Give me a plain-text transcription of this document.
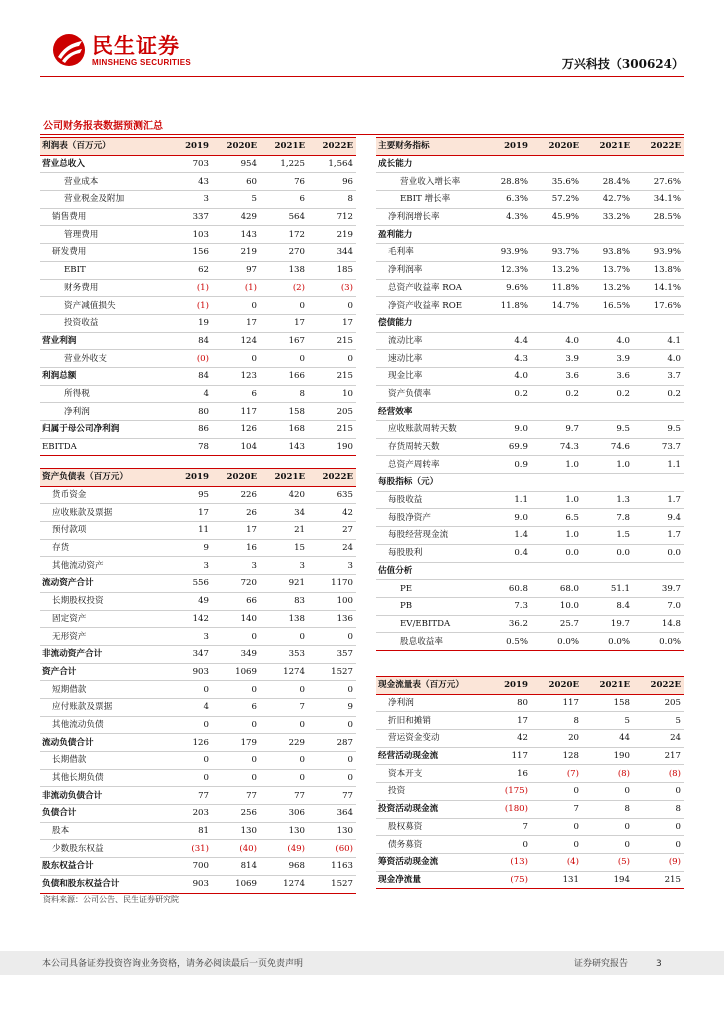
民生证券
MINSHENG SECURITIES	万兴科技（300624）
公司财务报表数据预测汇总
利润表（百万元）	2019	2020E	2021E	2022E
营业总收入	703	954	1,225	1,564
营业成本	43	60	76	96
营业税金及附加	3	5	6	8
销售费用	337	429	564	712
管理费用	103	143	172	219
研发费用	156	219	270	344
EBIT	62	97	138	185
财务费用	(1)	(1)	(2)	(3)
资产减值损失	(1)	0	0	0
投资收益	19	17	17	17
营业利润	84	124	167	215
营业外收支	(0)	0	0	0
利润总额	84	123	166	215
所得税	4	6	8	10
净利润	80	117	158	205
归属于母公司净利润	86	126	168	215
EBITDA	78	104	143	190
主要财务指标	2019	2020E	2021E	2022E
成长能力				
营业收入增长率	28.8%	35.6%	28.4%	27.6%
EBIT 增长率	6.3%	57.2%	42.7%	34.1%
净利润增长率	4.3%	45.9%	33.2%	28.5%
盈利能力				
毛利率	93.9%	93.7%	93.8%	93.9%
净利润率	12.3%	13.2%	13.7%	13.8%
总资产收益率 ROA	9.6%	11.8%	13.2%	14.1%
净资产收益率 ROE	11.8%	14.7%	16.5%	17.6%
偿债能力				
流动比率	4.4	4.0	4.0	4.1
速动比率	4.3	3.9	3.9	4.0
现金比率	4.0	3.6	3.6	3.7
资产负债率	0.2	0.2	0.2	0.2
经营效率				
应收账款周转天数	9.0	9.7	9.5	9.5
存货周转天数	69.9	74.3	74.6	73.7
总资产周转率	0.9	1.0	1.0	1.1
每股指标（元）				
每股收益	1.1	1.0	1.3	1.7
每股净资产	9.0	6.5	7.8	9.4
每股经营现金流	1.4	1.0	1.5	1.7
每股股利	0.4	0.0	0.0	0.0
估值分析				
PE	60.8	68.0	51.1	39.7
PB	7.3	10.0	8.4	7.0
EV/EBITDA	36.2	25.7	19.7	14.8
股息收益率	0.5%	0.0%	0.0%	0.0%
资产负债表（百万元）	2019	2020E	2021E	2022E
货币资金	95	226	420	635
应收账款及票据	17	26	34	42
预付款项	11	17	21	27
存货	9	16	15	24
其他流动资产	3	3	3	3
流动资产合计	556	720	921	1170
长期股权投资	49	66	83	100
固定资产	142	140	138	136
无形资产	3	0	0	0
非流动资产合计	347	349	353	357
资产合计	903	1069	1274	1527
短期借款	0	0	0	0
应付账款及票据	4	6	7	9
其他流动负债	0	0	0	0
流动负债合计	126	179	229	287
长期借款	0	0	0	0
其他长期负债	0	0	0	0
非流动负债合计	77	77	77	77
负债合计	203	256	306	364
股本	81	130	130	130
少数股东权益	(31)	(40)	(49)	(60)
股东权益合计	700	814	968	1163
负债和股东权益合计	903	1069	1274	1527
现金流量表（百万元）	2019	2020E	2021E	2022E
净利润	80	117	158	205
折旧和摊销	17	8	5	5
营运资金变动	42	20	44	24
经营活动现金流	117	128	190	217
资本开支	16	(7)	(8)	(8)
投资	(175)	0	0	0
投资活动现金流	(180)	7	8	8
股权募资	7	0	0	0
债务募资	0	0	0	0
筹资活动现金流	(13)	(4)	(5)	(9)
现金净流量	(75)	131	194	215
资料来源：公司公告、民生证券研究院
本公司具备证券投资咨询业务资格，请务必阅读最后一页免责声明	证券研究报告	3
